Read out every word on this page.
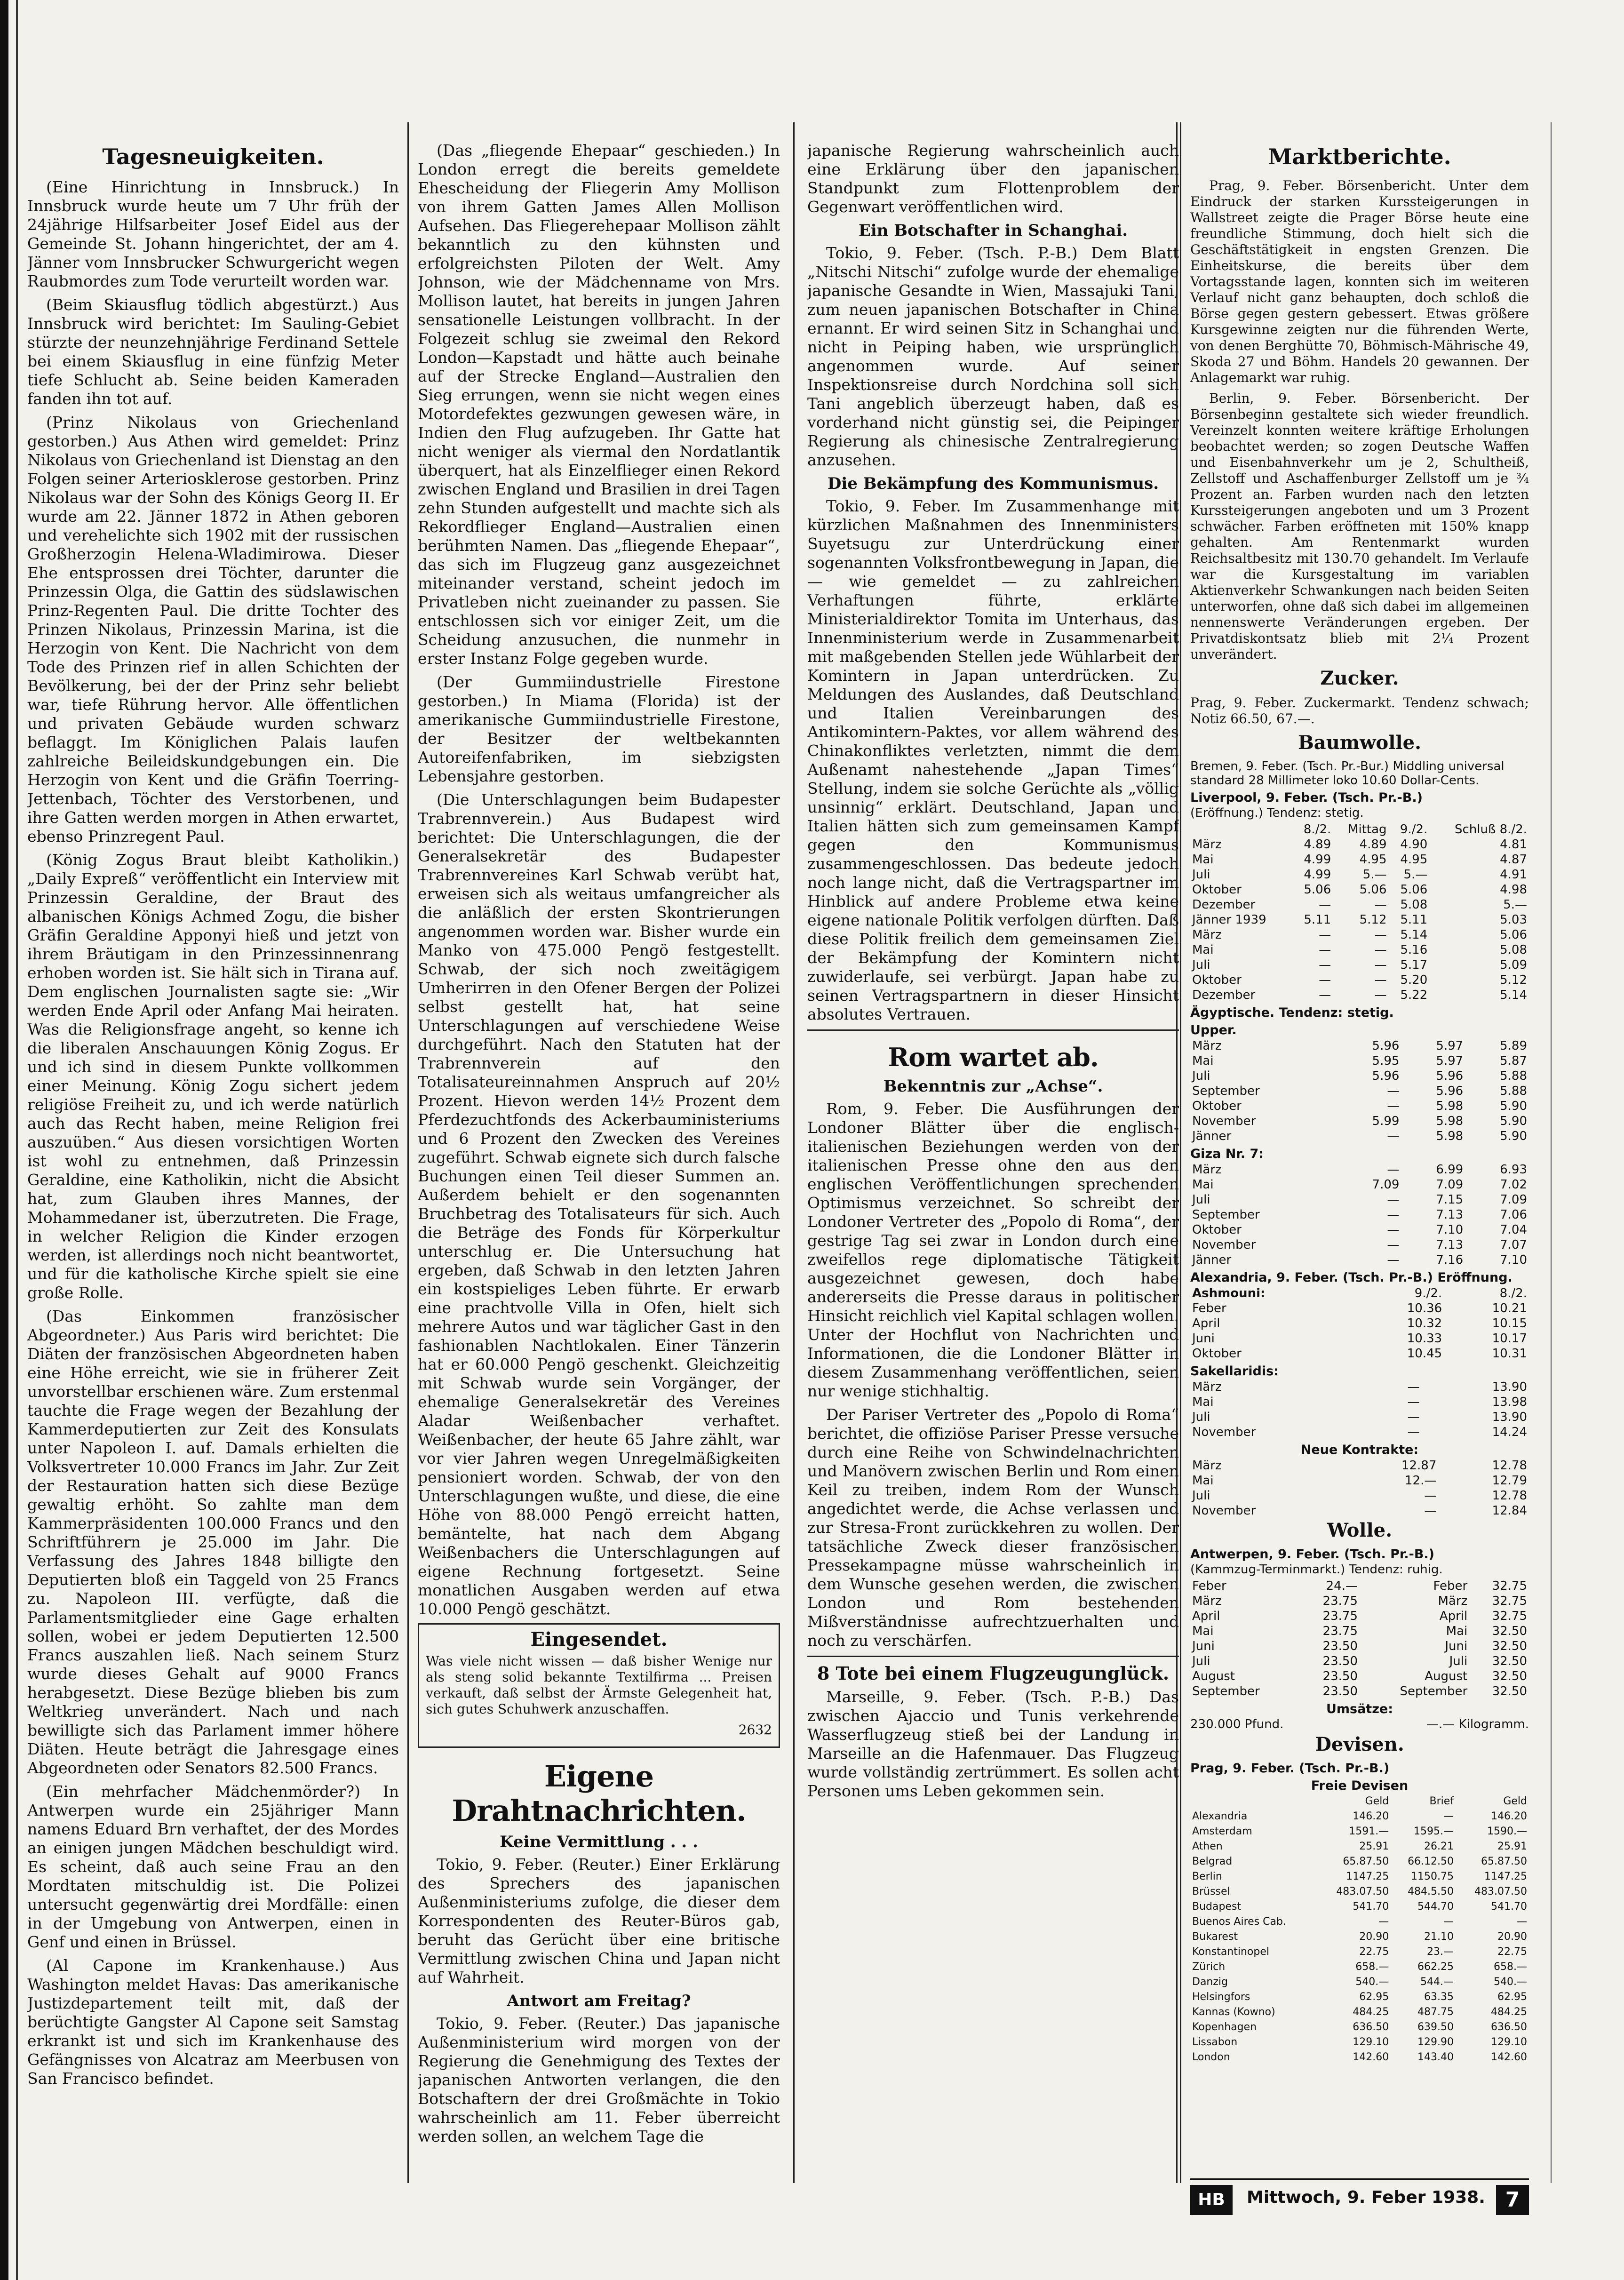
Tagesneuigkeiten.

(Eine Hinrichtung in Innsbruck.) In Innsbruck wurde heute um 7 Uhr früh der 24jährige Hilfsarbeiter Josef Eidel aus der Gemeinde St. Johann hingerichtet, der am 4. Jänner vom Innsbrucker Schwurgericht wegen Raubmordes zum Tode verurteilt worden war.

(Beim Skiausflug tödlich abgestürzt.) Aus Innsbruck wird berichtet: Im Sauling-Gebiet stürzte der neunzehnjährige Ferdinand Settele bei einem Skiausflug in eine fünfzig Meter tiefe Schlucht ab. Seine beiden Kameraden fanden ihn tot auf.

(Prinz Nikolaus von Griechenland gestorben.) Aus Athen wird gemeldet: Prinz Nikolaus von Griechenland ist Dienstag an den Folgen seiner Arteriosklerose gestorben. Prinz Nikolaus war der Sohn des Königs Georg II. Er wurde am 22. Jänner 1872 in Athen geboren und verehelichte sich 1902 mit der russischen Großherzogin Helena-Wladimirowa. Dieser Ehe entsprossen drei Töchter, darunter die Prinzessin Olga, die Gattin des südslawischen Prinz-Regenten Paul. Die dritte Tochter des Prinzen Nikolaus, Prinzessin Marina, ist die Herzogin von Kent. Die Nachricht von dem Tode des Prinzen rief in allen Schichten der Bevölkerung, bei der der Prinz sehr beliebt war, tiefe Rührung hervor. Alle öffentlichen und privaten Gebäude wurden schwarz beflaggt. Im Königlichen Palais laufen zahlreiche Beileidskundgebungen ein. Die Herzogin von Kent und die Gräfin Toerring-Jettenbach, Töchter des Verstorbenen, und ihre Gatten werden morgen in Athen erwartet, ebenso Prinzregent Paul.

(König Zogus Braut bleibt Katholikin.) „Daily Expreß“ veröffentlicht ein Interview mit Prinzessin Geraldine, der Braut des albanischen Königs Achmed Zogu, die bisher Gräfin Geraldine Apponyi hieß und jetzt von ihrem Bräutigam in den Prinzessinnenrang erhoben worden ist. Sie hält sich in Tirana auf. Dem englischen Journalisten sagte sie: „Wir werden Ende April oder Anfang Mai heiraten. Was die Religionsfrage angeht, so kenne ich die liberalen Anschauungen König Zogus. Er und ich sind in diesem Punkte vollkommen einer Meinung. König Zogu sichert jedem religiöse Freiheit zu, und ich werde natürlich auch das Recht haben, meine Religion frei auszuüben.“ Aus diesen vorsichtigen Worten ist wohl zu entnehmen, daß Prinzessin Geraldine, eine Katholikin, nicht die Absicht hat, zum Glauben ihres Mannes, der Mohammedaner ist, überzutreten. Die Frage, in welcher Religion die Kinder erzogen werden, ist allerdings noch nicht beantwortet, und für die katholische Kirche spielt sie eine große Rolle.

(Das Einkommen französischer Abgeordneter.) Aus Paris wird berichtet: Die Diäten der französischen Abgeordneten haben eine Höhe erreicht, wie sie in früherer Zeit unvorstellbar erschienen wäre. Zum erstenmal tauchte die Frage wegen der Bezahlung der Kammerdeputierten zur Zeit des Konsulats unter Napoleon I. auf. Damals erhielten die Volksvertreter 10.000 Francs im Jahr. Zur Zeit der Restauration hatten sich diese Bezüge gewaltig erhöht. So zahlte man dem Kammerpräsidenten 100.000 Francs und den Schriftführern je 25.000 im Jahr. Die Verfassung des Jahres 1848 billigte den Deputierten bloß ein Taggeld von 25 Francs zu. Napoleon III. verfügte, daß die Parlamentsmitglieder eine Gage erhalten sollen, wobei er jedem Deputierten 12.500 Francs auszahlen ließ. Nach seinem Sturz wurde dieses Gehalt auf 9000 Francs herabgesetzt. Diese Bezüge blieben bis zum Weltkrieg unverändert. Nach und nach bewilligte sich das Parlament immer höhere Diäten. Heute beträgt die Jahresgage eines Abgeordneten oder Senators 82.500 Francs.

(Ein mehrfacher Mädchenmörder?) In Antwerpen wurde ein 25jähriger Mann namens Eduard Brn verhaftet, der des Mordes an einigen jungen Mädchen beschuldigt wird. Es scheint, daß auch seine Frau an den Mordtaten mitschuldig ist. Die Polizei untersucht gegenwärtig drei Mordfälle: einen in der Umgebung von Antwerpen, einen in Genf und einen in Brüssel.

(Al Capone im Krankenhause.) Aus Washington meldet Havas: Das amerikanische Justizdepartement teilt mit, daß der berüchtigte Gangster Al Capone seit Samstag erkrankt ist und sich im Krankenhause des Gefängnisses von Alcatraz am Meerbusen von San Francisco befindet.

(Das „fliegende Ehepaar“ geschieden.) In London erregt die bereits gemeldete Ehescheidung der Fliegerin Amy Mollison von ihrem Gatten James Allen Mollison Aufsehen. Das Fliegerehepaar Mollison zählt bekanntlich zu den kühnsten und erfolgreichsten Piloten der Welt. Amy Johnson, wie der Mädchenname von Mrs. Mollison lautet, hat bereits in jungen Jahren sensationelle Leistungen vollbracht. In der Folgezeit schlug sie zweimal den Rekord London—Kapstadt und hätte auch beinahe auf der Strecke England—Australien den Sieg errungen, wenn sie nicht wegen eines Motordefektes gezwungen gewesen wäre, in Indien den Flug aufzugeben. Ihr Gatte hat nicht weniger als viermal den Nordatlantik überquert, hat als Einzelflieger einen Rekord zwischen England und Brasilien in drei Tagen zehn Stunden aufgestellt und machte sich als Rekordflieger England—Australien einen berühmten Namen. Das „fliegende Ehepaar“, das sich im Flugzeug ganz ausgezeichnet miteinander verstand, scheint jedoch im Privatleben nicht zueinander zu passen. Sie entschlossen sich vor einiger Zeit, um die Scheidung anzusuchen, die nunmehr in erster Instanz Folge gegeben wurde.

(Der Gummiindustrielle Firestone gestorben.) In Miama (Florida) ist der amerikanische Gummiindustrielle Firestone, der Besitzer der weltbekannten Autoreifenfabriken, im siebzigsten Lebensjahre gestorben.

(Die Unterschlagungen beim Budapester Trabrennverein.) Aus Budapest wird berichtet: Die Unterschlagungen, die der Generalsekretär des Budapester Trabrennvereines Karl Schwab verübt hat, erweisen sich als weitaus umfangreicher als die anläßlich der ersten Skontrierungen angenommen worden war. Bisher wurde ein Manko von 475.000 Pengö festgestellt. Schwab, der sich noch zweitägigem Umherirren in den Ofener Bergen der Polizei selbst gestellt hat, hat seine Unterschlagungen auf verschiedene Weise durchgeführt. Nach den Statuten hat der Trabrennverein auf den Totalisateureinnahmen Anspruch auf 20½ Prozent. Hievon werden 14½ Prozent dem Pferdezuchtfonds des Ackerbauministeriums und 6 Prozent den Zwecken des Vereines zugeführt. Schwab eignete sich durch falsche Buchungen einen Teil dieser Summen an. Außerdem behielt er den sogenannten Bruchbetrag des Totalisateurs für sich. Auch die Beträge des Fonds für Körperkultur unterschlug er. Die Untersuchung hat ergeben, daß Schwab in den letzten Jahren ein kostspieliges Leben führte. Er erwarb eine prachtvolle Villa in Ofen, hielt sich mehrere Autos und war täglicher Gast in den fashionablen Nachtlokalen. Einer Tänzerin hat er 60.000 Pengö geschenkt. Gleichzeitig mit Schwab wurde sein Vorgänger, der ehemalige Generalsekretär des Vereines Aladar Weißenbacher verhaftet. Weißenbacher, der heute 65 Jahre zählt, war vor vier Jahren wegen Unregelmäßigkeiten pensioniert worden. Schwab, der von den Unterschlagungen wußte, und diese, die eine Höhe von 88.000 Pengö erreicht hatten, bemäntelte, hat nach dem Abgang Weißenbachers die Unterschlagungen auf eigene Rechnung fortgesetzt. Seine monatlichen Ausgaben werden auf etwa 10.000 Pengö geschätzt.

Eingesendet.

Was viele nicht wissen — daß bisher Wenige nur als steng solid bekannte Textilfirma ... Preisen verkauft, daß selbst der Ärmste Gelegenheit hat, sich gutes Schuhwerk anzuschaffen.

2632

Eigene Drahtnachrichten.
Keine Vermittlung . . .

Tokio, 9. Feber. (Reuter.) Einer Erklärung des Sprechers des japanischen Außenministeriums zufolge, die dieser dem Korrespondenten des Reuter-Büros gab, beruht das Gerücht über eine britische Vermittlung zwischen China und Japan nicht auf Wahrheit.

Antwort am Freitag?

Tokio, 9. Feber. (Reuter.) Das japanische Außenministerium wird morgen von der Regierung die Genehmigung des Textes der japanischen Antworten verlangen, die den Botschaftern der drei Großmächte in Tokio wahrscheinlich am 11. Feber überreicht werden sollen, an welchem Tage die

japanische Regierung wahrscheinlich auch eine Erklärung über den japanischen Standpunkt zum Flottenproblem der Gegenwart veröffentlichen wird.

Ein Botschafter in Schanghai.

Tokio, 9. Feber. (Tsch. P.-B.) Dem Blatt „Nitschi Nitschi“ zufolge wurde der ehemalige japanische Gesandte in Wien, Massajuki Tani, zum neuen japanischen Botschafter in China ernannt. Er wird seinen Sitz in Schanghai und nicht in Peiping haben, wie ursprünglich angenommen wurde. Auf seiner Inspektionsreise durch Nordchina soll sich Tani angeblich überzeugt haben, daß es vorderhand nicht günstig sei, die Peipinger Regierung als chinesische Zentralregierung anzusehen.

Die Bekämpfung des Kommunismus.

Tokio, 9. Feber. Im Zusammenhange mit kürzlichen Maßnahmen des Innenministers Suyetsugu zur Unterdrückung einer sogenannten Volksfrontbewegung in Japan, die — wie gemeldet — zu zahlreichen Verhaftungen führte, erklärte Ministerialdirektor Tomita im Unterhaus, das Innenministerium werde in Zusammenarbeit mit maßgebenden Stellen jede Wühlarbeit der Komintern in Japan unterdrücken. Zu Meldungen des Auslandes, daß Deutschland und Italien Vereinbarungen des Antikomintern-Paktes, vor allem während des Chinakonfliktes verletzten, nimmt die dem Außenamt nahestehende „Japan Times“ Stellung, indem sie solche Gerüchte als „völlig unsinnig“ erklärt. Deutschland, Japan und Italien hätten sich zum gemeinsamen Kampf gegen den Kommunismus zusammengeschlossen. Das bedeute jedoch noch lange nicht, daß die Vertragspartner im Hinblick auf andere Probleme etwa keine eigene nationale Politik verfolgen dürften. Daß diese Politik freilich dem gemeinsamen Ziel der Bekämpfung der Komintern nicht zuwiderlaufe, sei verbürgt. Japan habe zu seinen Vertragspartnern in dieser Hinsicht absolutes Vertrauen.

Rom wartet ab.
Bekenntnis zur „Achse“.

Rom, 9. Feber. Die Ausführungen der Londoner Blätter über die englisch-italienischen Beziehungen werden von der italienischen Presse ohne den aus den englischen Veröffentlichungen sprechenden Optimismus verzeichnet. So schreibt der Londoner Vertreter des „Popolo di Roma“, der gestrige Tag sei zwar in London durch eine zweifellos rege diplomatische Tätigkeit ausgezeichnet gewesen, doch habe andererseits die Presse daraus in politischer Hinsicht reichlich viel Kapital schlagen wollen. Unter der Hochflut von Nachrichten und Informationen, die die Londoner Blätter in diesem Zusammenhang veröffentlichen, seien nur wenige stichhaltig.

Der Pariser Vertreter des „Popolo di Roma“ berichtet, die offiziöse Pariser Presse versuche durch eine Reihe von Schwindelnachrichten und Manövern zwischen Berlin und Rom einen Keil zu treiben, indem Rom der Wunsch angedichtet werde, die Achse verlassen und zur Stresa-Front zurückkehren zu wollen. Der tatsächliche Zweck dieser französischen Pressekampagne müsse wahrscheinlich in dem Wunsche gesehen werden, die zwischen London und Rom bestehenden Mißverständnisse aufrechtzuerhalten und noch zu verschärfen.

8 Tote bei einem Flugzeugunglück.

Marseille, 9. Feber. (Tsch. P.-B.) Das zwischen Ajaccio und Tunis verkehrende Wasserflugzeug stieß bei der Landung in Marseille an die Hafenmauer. Das Flugzeug wurde vollständig zertrümmert. Es sollen acht Personen ums Leben gekommen sein.

Marktberichte.

Prag, 9. Feber. Börsenbericht. Unter dem Eindruck der starken Kurssteigerungen in Wallstreet zeigte die Prager Börse heute eine freundliche Stimmung, doch hielt sich die Geschäftstätigkeit in engsten Grenzen. Die Einheitskurse, die bereits über dem Vortagsstande lagen, konnten sich im weiteren Verlauf nicht ganz behaupten, doch schloß die Börse gegen gestern gebessert. Etwas größere Kursgewinne zeigten nur die führenden Werte, von denen Berghütte 70, Böhmisch-Mährische 49, Skoda 27 und Böhm. Handels 20 gewannen. Der Anlagemarkt war ruhig.

Berlin, 9. Feber. Börsenbericht. Der Börsenbeginn gestaltete sich wieder freundlich. Vereinzelt konnten weitere kräftige Erholungen beobachtet werden; so zogen Deutsche Waffen und Eisenbahnverkehr um je 2, Schultheiß, Zellstoff und Aschaffenburger Zellstoff um je ¾ Prozent an. Farben wurden nach den letzten Kurssteigerungen angeboten und um 3 Prozent schwächer. Farben eröffneten mit 150% knapp gehalten. Am Rentenmarkt wurden Reichsaltbesitz mit 130.70 gehandelt. Im Verlaufe war die Kursgestaltung im variablen Aktienverkehr Schwankungen nach beiden Seiten unterworfen, ohne daß sich dabei im allgemeinen nennenswerte Veränderungen ergeben. Der Privatdiskontsatz blieb mit 2¼ Prozent unverändert.

Zucker.

Prag, 9. Feber. Zuckermarkt. Tendenz schwach; Notiz 66.50, 67.—.

Baumwolle.
Bremen, 9. Feber. (Tsch. Pr.-Bur.) Middling universal standard 28 Millimeter loko 10.60 Dollar-Cents.
Liverpool, 9. Feber. (Tsch. Pr.-B.)
(Eröffnung.) Tendenz: stetig.
	8./2.	Mittag	9./2.	Schluß 8./2.
März	4.89	4.89	4.90	4.81
Mai	4.99	4.95	4.95	4.87
Juli	4.99	5.—	5.—	4.91
Oktober	5.06	5.06	5.06	4.98
Dezember	—	—	5.08	5.—
Jänner 1939	5.11	5.12	5.11	5.03
März	—	—	5.14	5.06
Mai	—	—	5.16	5.08
Juli	—	—	5.17	5.09
Oktober	—	—	5.20	5.12
Dezember	—	—	5.22	5.14
Ägyptische. Tendenz: stetig.
Upper.
März	5.96	5.97	5.89
Mai	5.95	5.97	5.87
Juli	5.96	5.96	5.88
September	—	5.96	5.88
Oktober	—	5.98	5.90
November	5.99	5.98	5.90
Jänner	—	5.98	5.90
Giza Nr. 7:
März	—	6.99	6.93
Mai	7.09	7.09	7.02
Juli	—	7.15	7.09
September	—	7.13	7.06
Oktober	—	7.10	7.04
November	—	7.13	7.07
Jänner	—	7.16	7.10
Alexandria, 9. Feber. (Tsch. Pr.-B.) Eröffnung.
Ashmouni:	9./2.	8./2.
Feber	10.36	10.21
April	10.32	10.15
Juni	10.33	10.17
Oktober	10.45	10.31
Sakellaridis:
März	—	13.90
Mai	—	13.98
Juli	—	13.90
November	—	14.24
Neue Kontrakte:
März	12.87	12.78
Mai	12.—	12.79
Juli	—	12.78
November	—	12.84
Wolle.
Antwerpen, 9. Feber. (Tsch. Pr.-B.)
(Kammzug-Terminmarkt.) Tendenz: ruhig.
Feber	24.—	Feber	32.75
März	23.75	März	32.75
April	23.75	April	32.75
Mai	23.75	Mai	32.50
Juni	23.50	Juni	32.50
Juli	23.50	Juli	32.50
August	23.50	August	32.50
September	23.50	September	32.50
Umsätze:
230.000 Pfund.	—.— Kilogramm.
Devisen.
Prag, 9. Feber. (Tsch. Pr.-B.)
Freie Devisen
	Geld	Brief	Geld
Alexandria	146.20	—	146.20
Amsterdam	1591.—	1595.—	1590.—
Athen	25.91	26.21	25.91
Belgrad	65.87.50	66.12.50	65.87.50
Berlin	1147.25	1150.75	1147.25
Brüssel	483.07.50	484.5.50	483.07.50
Budapest	541.70	544.70	541.70
Buenos Aires Cab.	—	—	—
Bukarest	20.90	21.10	20.90
Konstantinopel	22.75	23.—	22.75
Zürich	658.—	662.25	658.—
Danzig	540.—	544.—	540.—
Helsingfors	62.95	63.35	62.95
Kannas (Kowno)	484.25	487.75	484.25
Kopenhagen	636.50	639.50	636.50
Lissabon	129.10	129.90	129.10
London	142.60	143.40	142.60
HB	Mittwoch, 9. Feber 1938. 7
